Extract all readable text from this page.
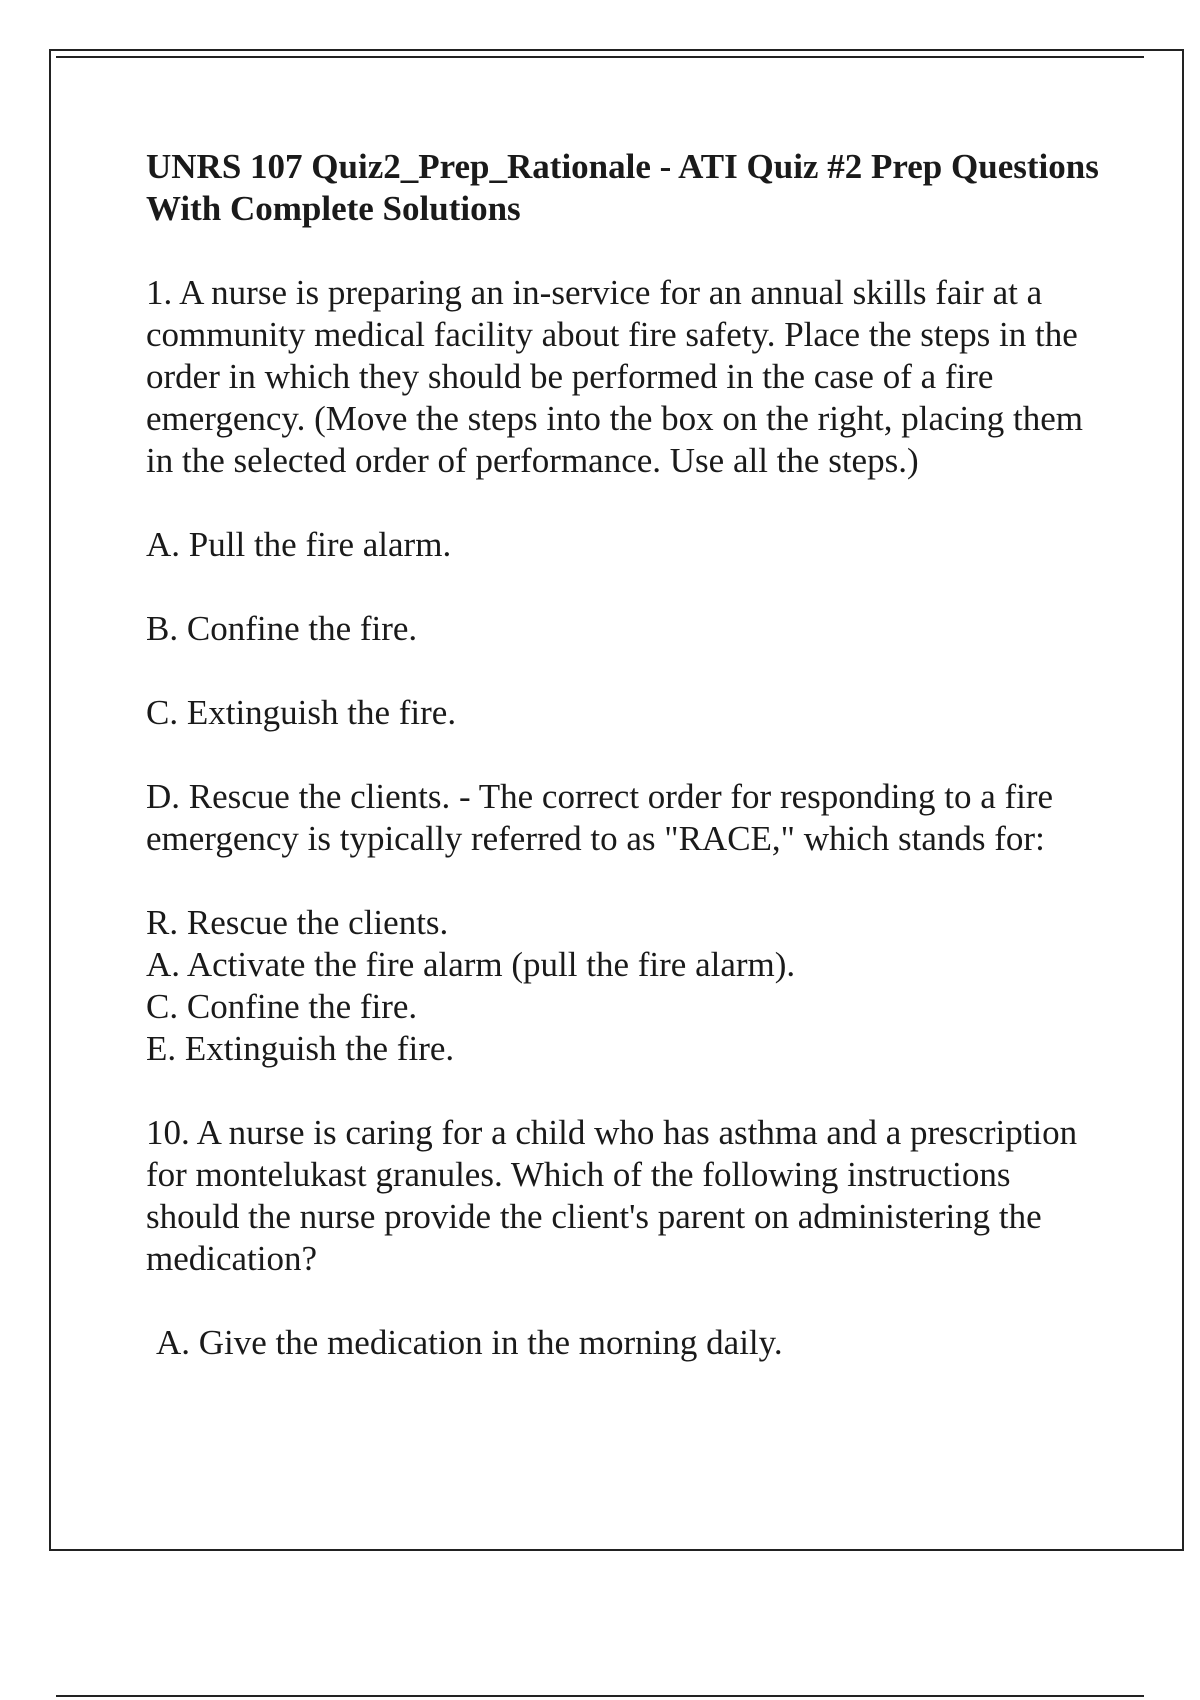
UNRS 107 Quiz2_Prep_Rationale - ATI Quiz #2 Prep Questions With Complete Solutions

1. A nurse is preparing an in-service for an annual skills fair at a community medical facility about fire safety. Place the steps in the order in which they should be performed in the case of a fire emergency. (Move the steps into the box on the right, placing them in the selected order of performance. Use all the steps.)

A. Pull the fire alarm.

B. Confine the fire.

C. Extinguish the fire.

D. Rescue the clients. - The correct order for responding to a fire emergency is typically referred to as "RACE," which stands for:

R. Rescue the clients.
A. Activate the fire alarm (pull the fire alarm).
C. Confine the fire.
E. Extinguish the fire.

10. A nurse is caring for a child who has asthma and a prescription for montelukast granules. Which of the following instructions should the nurse provide the client's parent on administering the medication?

A. Give the medication in the morning daily.
